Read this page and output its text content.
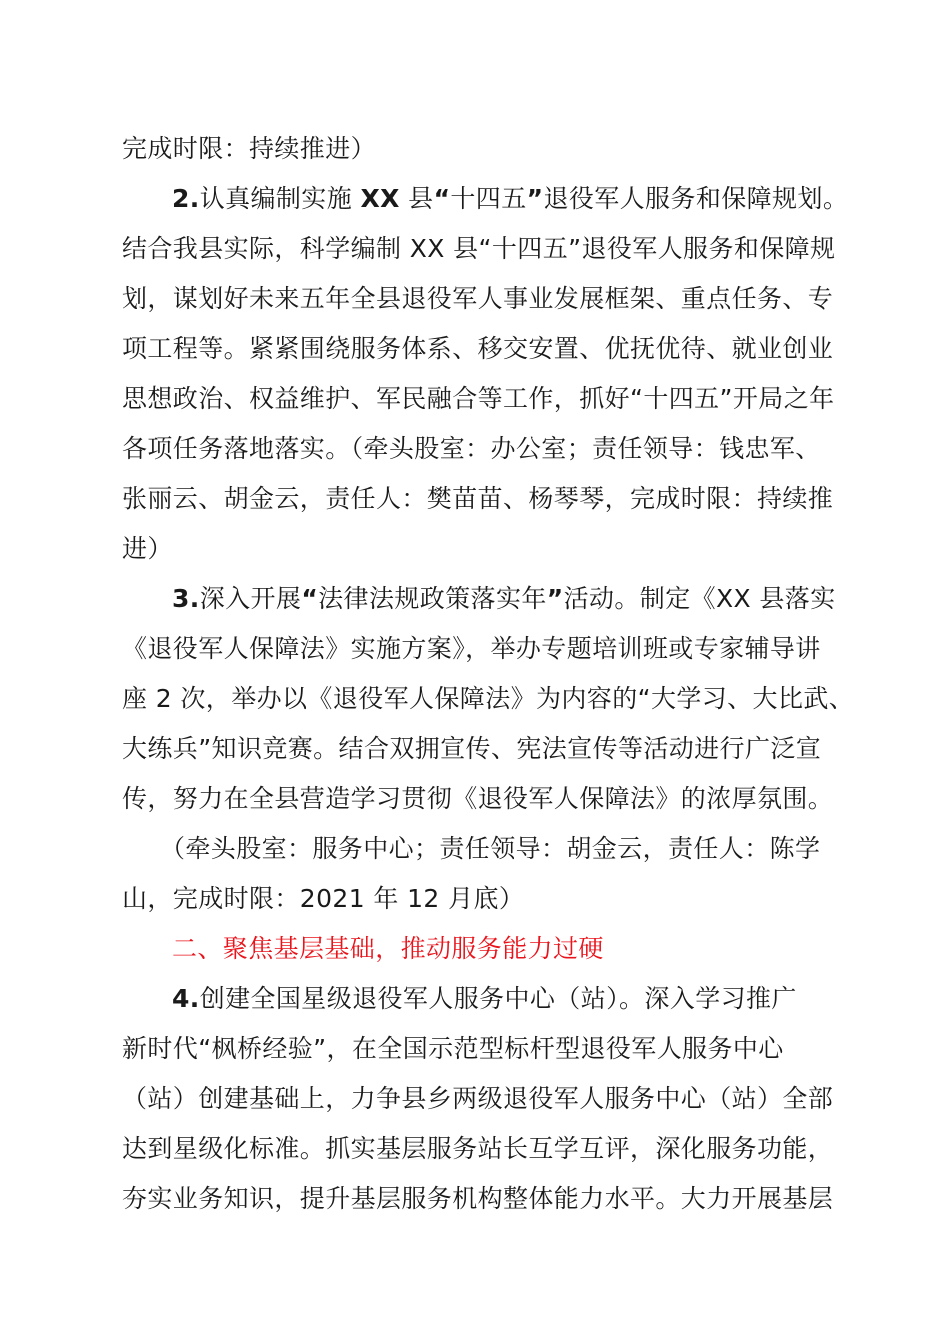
完成时限：持续推进）
2.认真编制实施 XX 县“十四五”退役军人服务和保障规划。
结合我县实际，科学编制 XX 县“十四五”退役军人服务和保障规
划，谋划好未来五年全县退役军人事业发展框架、重点任务、专
项工程等。紧紧围绕服务体系、移交安置、优抚优待、就业创业
思想政治、权益维护、军民融合等工作，抓好“十四五”开局之年
各项任务落地落实。（牵头股室：办公室；责任领导：钱忠军、
张丽云、胡金云，责任人：樊苗苗、杨琴琴，完成时限：持续推
进）
3.深入开展“法律法规政策落实年”活动。制定《XX 县落实
《退役军人保障法》实施方案》，举办专题培训班或专家辅导讲
座 2 次，举办以《退役军人保障法》为内容的“大学习、大比武、
大练兵”知识竞赛。结合双拥宣传、宪法宣传等活动进行广泛宣
传，努力在全县营造学习贯彻《退役军人保障法》的浓厚氛围。
（牵头股室：服务中心；责任领导：胡金云，责任人：陈学
山，完成时限：2021 年 12 月底）
二、聚焦基层基础，推动服务能力过硬
4.创建全国星级退役军人服务中心（站）。深入学习推广
新时代“枫桥经验”，在全国示范型标杆型退役军人服务中心
（站）创建基础上，力争县乡两级退役军人服务中心（站）全部
达到星级化标准。抓实基层服务站长互学互评，深化服务功能，
夯实业务知识，提升基层服务机构整体能力水平。大力开展基层
